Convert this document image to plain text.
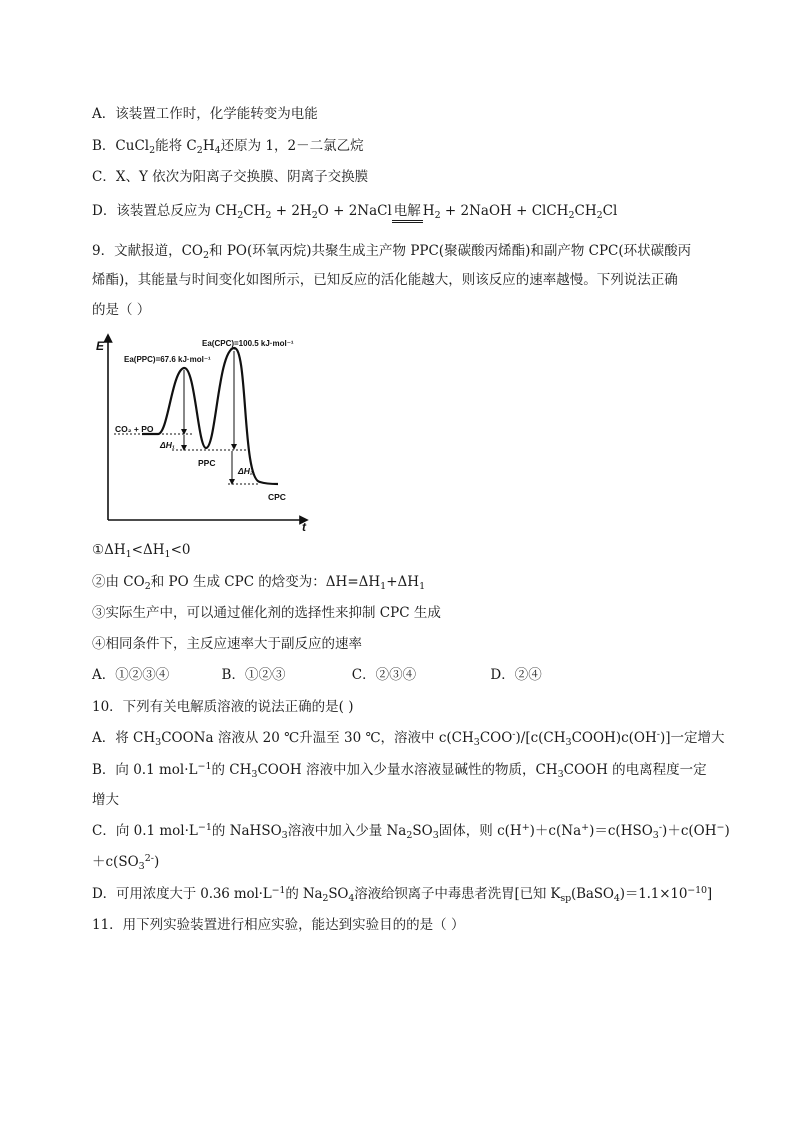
A．该装置工作时，化学能转变为电能
B．CuCl$_2$能将 $C_2H_4$还原为 1，2－二氯乙烷
C．X、Y 依次为阳离子交换膜、阴离子交换膜
D．该装置总反应为 $CH_2CH_2 + 2H_2O$ + 2NaCl 电解 $H_2$ + 2NaOH + $ClCH_2CH_2Cl$
9．文献报道，$CO_2$和 PO(环氧丙烷)共聚生成主产物 PPC(聚碳酸丙烯酯)和副产物 CPC(环状碳酸丙
烯酯)，其能量与时间变化如图所示，已知反应的活化能越大，则该反应的速率越慢。下列说法正确
的是（ ）
E
t
Ea(PPC)=67.6 kJ·mol⁻¹
Ea(CPC)=100.5 kJ·mol⁻¹
CO₂ + PO
ΔH₁
PPC
ΔH₂
CPC
$①\Delta H_1<\Delta H_1<0$
②由 $CO_2$和 PO 生成 CPC 的焓变为：$\Delta H=\Delta H_1+\Delta H_1$
③实际生产中，可以通过催化剂的选择性来抑制 CPC 生成
④相同条件下，主反应速率大于副反应的速率
A．①②③④	B．①②③	C．②③④	D．②④
10．下列有关电解质溶液的说法正确的是( )
A．将 $CH_3COONa$ 溶液从 20 ℃升温至 30 ℃，溶液中 $c(CH_3COO^-)/[c(CH_3COOH)c(OH^-)]$一定增大
B．向 0.1 $mol\cdot L^{-1}$的 $CH_3COOH$ 溶液中加入少量水溶液显碱性的物质，$CH_3COOH$ 的电离程度一定
增大
C．向 0.1 $mol\cdot L^{-1}$的 NaHSO$_3$溶液中加入少量 $Na_2SO_3$固体，则 $c(H^+)+c(Na^+)=c(HSO_3^-)+c(OH^-)$
$+c(SO_3^{2-})$
D．可用浓度大于 0.36 $mol\cdot L^{-1}$的 $Na_2SO_4$溶液给钡离子中毒患者洗胃[已知 $K_{sp}(BaSO_4)=1.1\times 10^{-10}$]
11．用下列实验装置进行相应实验，能达到实验目的的是（ ）
